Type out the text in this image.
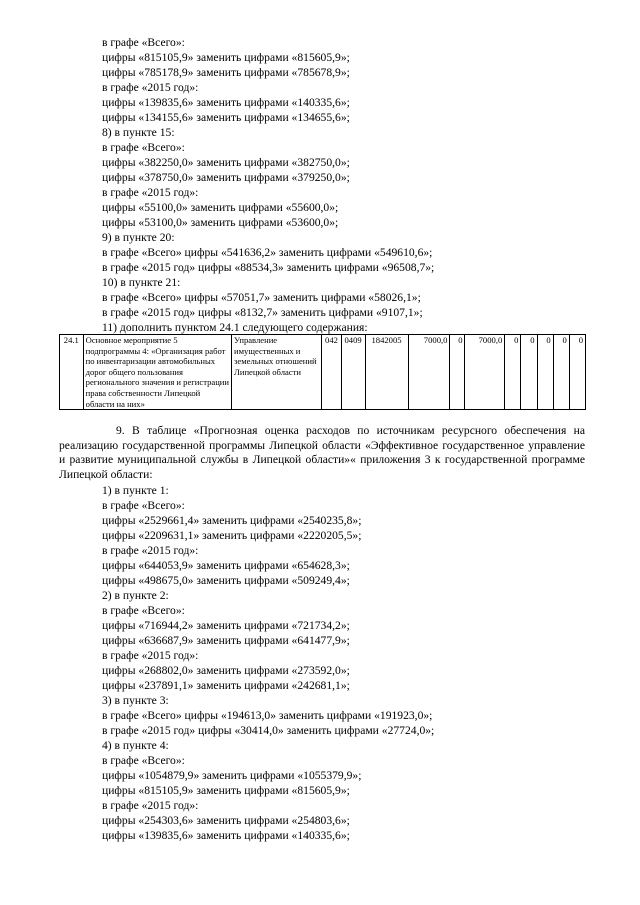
в графе «Всего»:
цифры «815105,9» заменить цифрами «815605,9»;
цифры «785178,9» заменить цифрами «785678,9»;
в графе «2015 год»:
цифры «139835,6» заменить цифрами «140335,6»;
цифры «134155,6» заменить цифрами «134655,6»;
8) в пункте 15:
в графе «Всего»:
цифры «382250,0» заменить цифрами «382750,0»;
цифры «378750,0» заменить цифрами «379250,0»;
в графе «2015 год»:
цифры «55100,0» заменить цифрами «55600,0»;
цифры «53100,0» заменить цифрами «53600,0»;
9) в пункте 20:
в графе «Всего» цифры «541636,2» заменить цифрами «549610,6»;
в графе «2015 год» цифры «88534,3» заменить цифрами «96508,7»;
10) в пункте 21:
в графе «Всего» цифры «57051,7» заменить цифрами «58026,1»;
в графе «2015 год» цифры «8132,7» заменить цифрами «9107,1»;
11) дополнить пунктом 24.1 следующего содержания:
24.1	Основное мероприятие 5 подпрограммы 4: «Организация работ по инвентаризации автомобильных дорог общего пользования регионального значения и регистрации права собственности Липецкой области на них»	Управление имущественных и земельных отношений Липецкой области	042	0409	1842005	7000,0	0	7000,0	0	0	0	0	0
9. В таблице «Прогнозная оценка расходов по источникам ресурсного обеспечения на реализацию государственной программы Липецкой области «Эффективное государственное управление и развитие муниципальной службы в Липецкой области»« приложения 3 к государственной программе Липецкой области:
1) в пункте 1:
в графе «Всего»:
цифры «2529661,4» заменить цифрами «2540235,8»;
цифры «2209631,1» заменить цифрами «2220205,5»;
в графе «2015 год»:
цифры «644053,9» заменить цифрами «654628,3»;
цифры «498675,0» заменить цифрами «509249,4»;
2) в пункте 2:
в графе «Всего»:
цифры «716944,2» заменить цифрами «721734,2»;
цифры «636687,9» заменить цифрами «641477,9»;
в графе «2015 год»:
цифры «268802,0» заменить цифрами «273592,0»;
цифры «237891,1» заменить цифрами «242681,1»;
3) в пункте 3:
в графе «Всего» цифры «194613,0» заменить цифрами «191923,0»;
в графе «2015 год» цифры «30414,0» заменить цифрами «27724,0»;
4) в пункте 4:
в графе «Всего»:
цифры «1054879,9» заменить цифрами «1055379,9»;
цифры «815105,9» заменить цифрами «815605,9»;
в графе «2015 год»:
цифры «254303,6» заменить цифрами «254803,6»;
цифры «139835,6» заменить цифрами «140335,6»;
